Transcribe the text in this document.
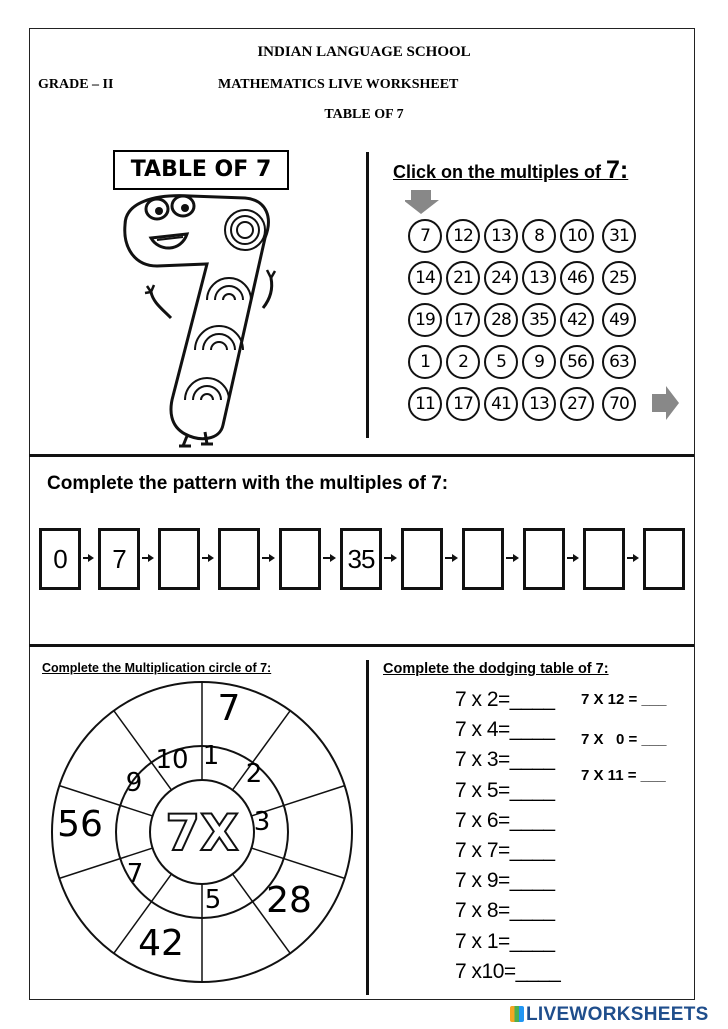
INDIAN LANGUAGE SCHOOL
GRADE – II	MATHEMATICS LIVE WORKSHEET
TABLE OF 7
TABLE OF 7	Click on the multiples of 7:
7	12	13	8	10	31
14	21	24	13	46	25
19	17	28	35	42	49
1	2	5	9	56	63
11	17	41	13	27	70
Complete the pattern with the multiples of 7:
0	7	35
Complete the Multiplication circle of 7:
7X
1
2
3
5
7
9
10
7
56
28
42
Complete the dodging table of 7:
7 x 2=____
7 x 4=____
7 x 3=____
7 x 5=____
7 x 6=____
7 x 7=____
7 x 9=____
7 x 8=____
7 x 1=____
7 x10=____
7 X 12 = ___
7 X   0 = ___
7 X 11 = ___
LIVEWORKSHEETS
